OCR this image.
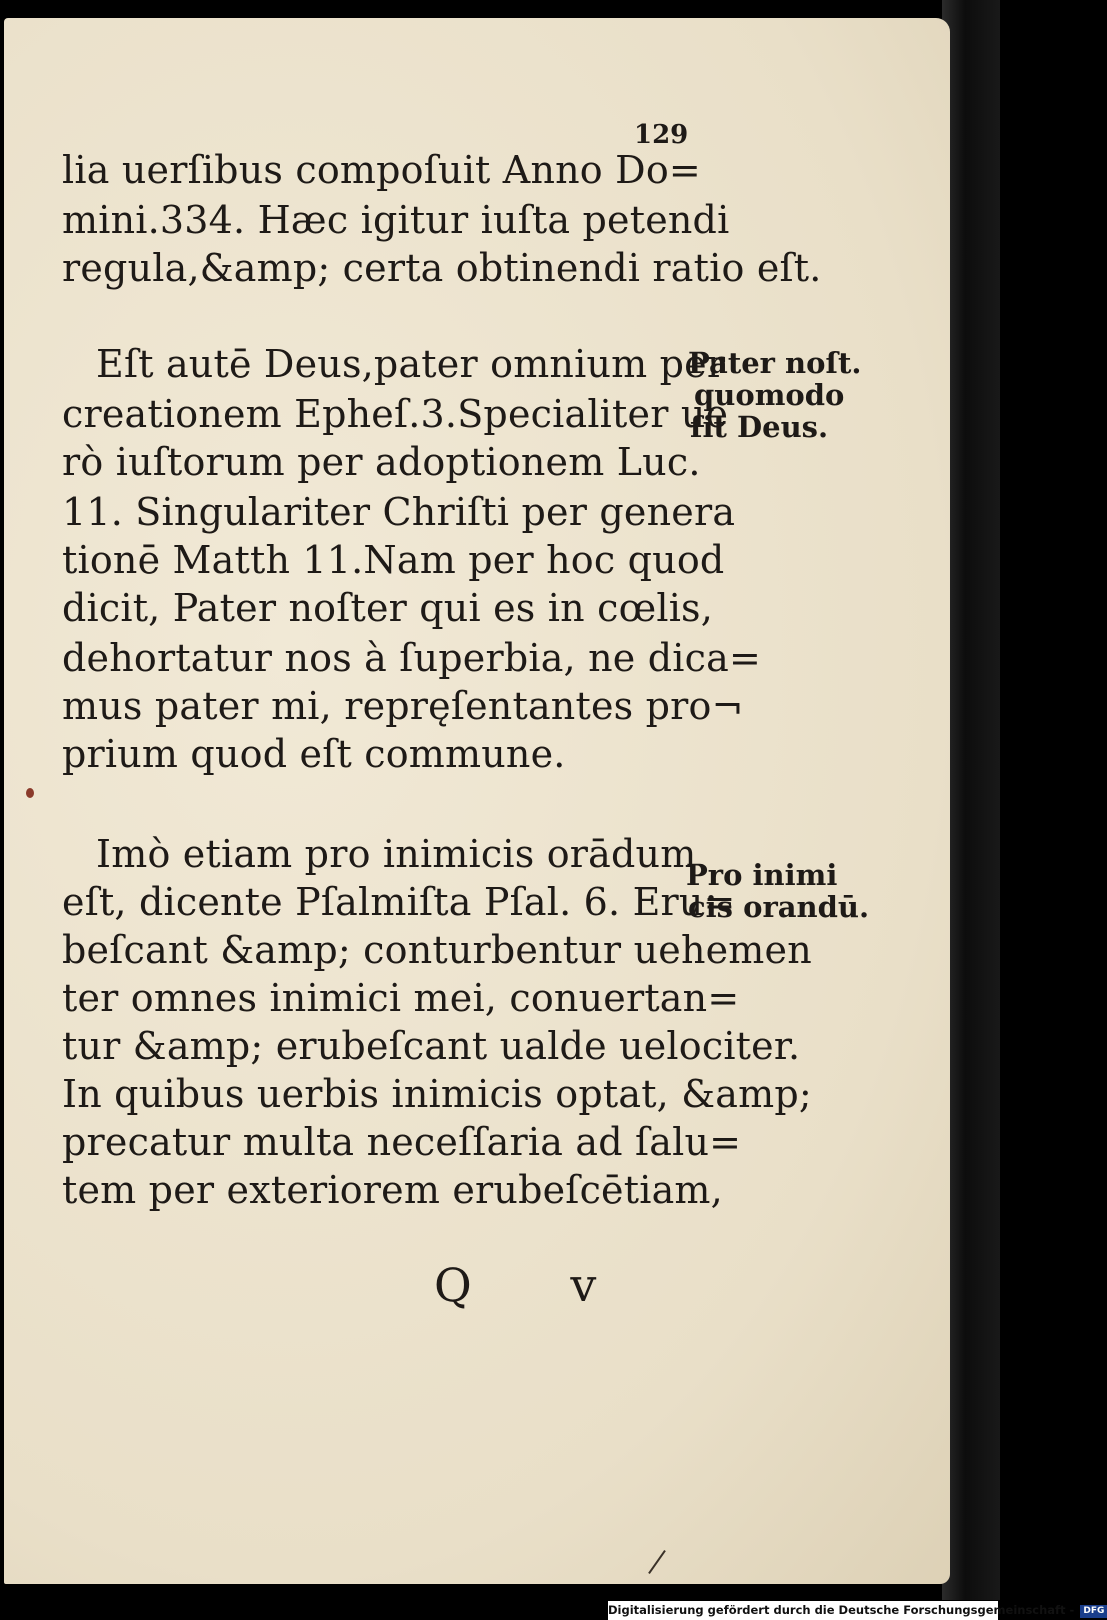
129
lia uerſibus compoſuit Anno Do=
mini.334. Hæc igitur iuſta petendi
regula,&amp; certa obtinendi ratio eſt.
Eſt autē Deus,pater omnium per
creationem Epheſ.3.Specialiter ue
rò iuſtorum per adoptionem Luc.
11. Singulariter Chriſti per genera
tionē Matth 11.Nam per hoc quod
dicit, Pater noſter qui es in cœlis,
dehortatur nos à ſuperbia, ne dica=
mus pater mi, repręſentantes pro¬
prium quod eſt commune.
Imò etiam pro inimicis orādum
eſt, dicente Pſalmiſta Pſal. 6. Eru=
beſcant &amp; conturbentur uehemen
ter omnes inimici mei, conuertan=
tur &amp; erubeſcant ualde uelociter.
In quibus uerbis inimicis optat, &amp;
precatur multa neceſſaria ad ſalu=
tem per exteriorem erubeſcētiam,
Pater noſt.
quomodo
ſit Deus.
Pro inimi
cis orandū.
Q v
Digitalisierung gefördert durch die Deutsche Forschungsgemeinschaft - DFG
